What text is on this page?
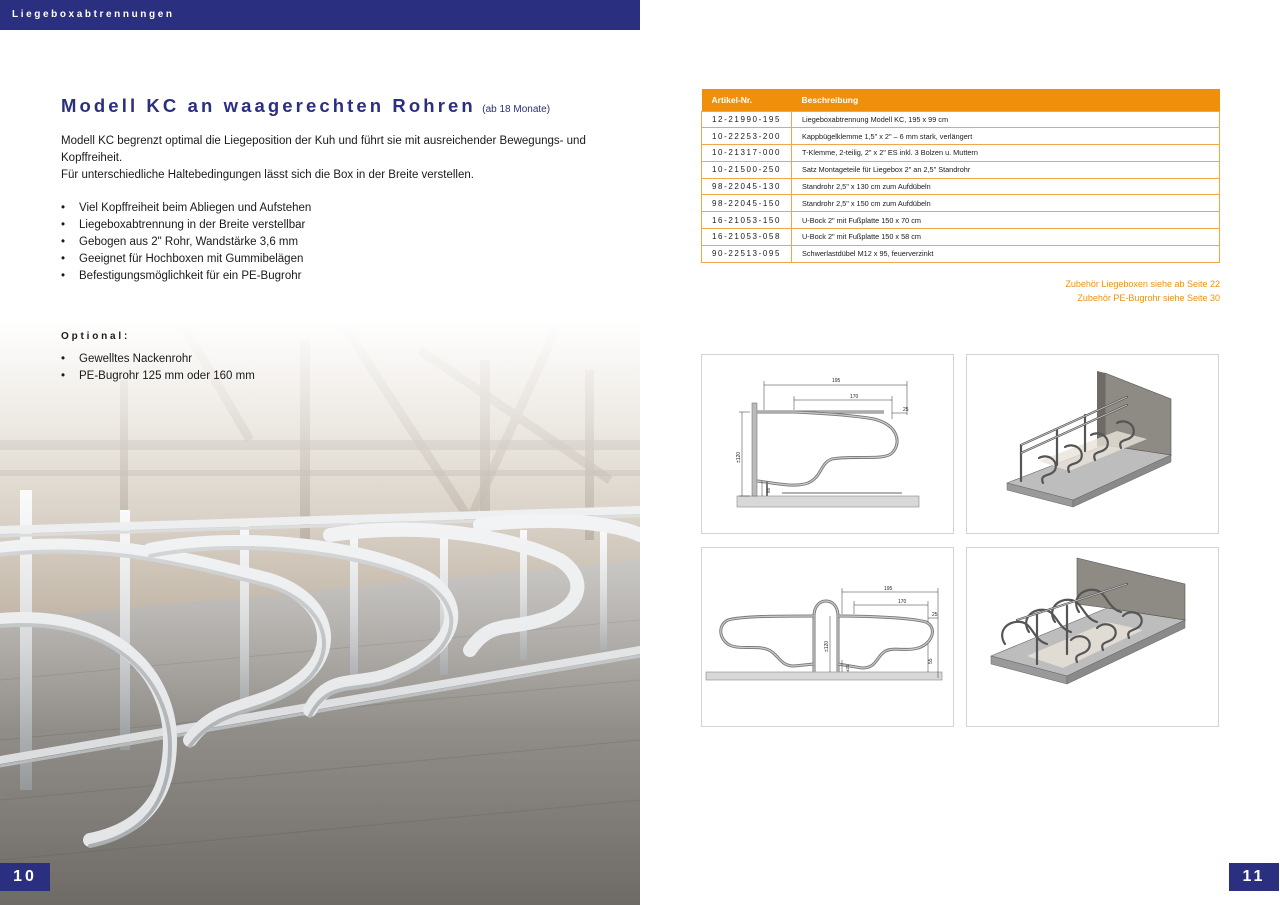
Liegeboxabtrennungen
Modell KC an waagerechten Rohren (ab 18 Monate)
Modell KC begrenzt optimal die Liegeposition der Kuh und führt sie mit ausreichender Bewegungs- und Kopffreiheit.
Für unterschiedliche Haltebedingungen lässt sich die Box in der Breite verstellen.
• Viel Kopffreiheit beim Abliegen und Aufstehen
• Liegeboxabtrennung in der Breite verstellbar
• Gebogen aus 2" Rohr, Wandstärke 3,6 mm
• Geeignet für Hochboxen mit Gummibelägen
• Befestigungsmöglichkeit für ein PE-Bugrohr
Optional:
• Gewelltes Nackenrohr
• PE-Bugrohr 125 mm oder 160 mm
10
Artikel-Nr.	Beschreibung
12-21990-195	Liegeboxabtrennung Modell KC, 195 x 99 cm
10-22253-200	Kappbügelklemme 1,5" x 2" – 6 mm stark, verlängert
10-21317-000	T-Klemme, 2-teilig, 2" x 2" ES inkl. 3 Bolzen u. Muttern
10-21500-250	Satz Montageteile für Liegebox 2" an 2,5" Standrohr
98-22045-130	Standrohr 2,5" x 130 cm zum Aufdübeln
98-22045-150	Standrohr 2,5" x 150 cm zum Aufdübeln
16-21053-150	U-Bock 2" mit Fußplatte 150 x 70 cm
16-21053-058	U-Bock 2" mit Fußplatte 150 x 58 cm
90-22513-095	Schwerlastdübel M12 x 95, feuerverzinkt
Zubehör Liegeboxen siehe ab Seite 22
Zubehör PE-Bugrohr siehe Seite 30
195
170
25
±120
55
195
170
25
±120
±21
55
11
